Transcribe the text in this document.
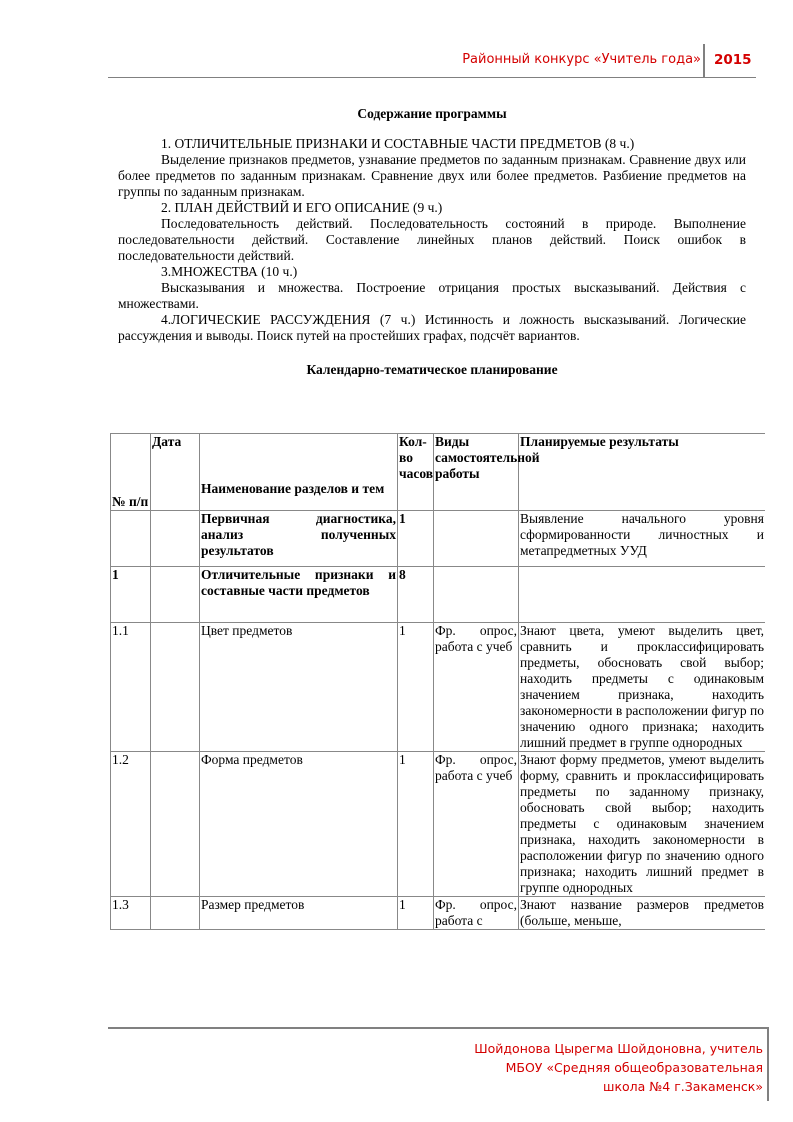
Районный конкурс «Учитель года» 2015
Содержание программы

1. ОТЛИЧИТЕЛЬНЫЕ ПРИЗНАКИ И СОСТАВНЫЕ ЧАСТИ ПРЕДМЕТОВ (8 ч.)

Выделение признаков предметов, узнавание предметов по заданным признакам. Сравнение двух или более предметов по заданным признакам. Сравнение двух или более предметов. Разбиение предметов на группы по заданным признакам.

2. ПЛАН ДЕЙСТВИЙ И ЕГО ОПИСАНИЕ (9 ч.)

Последовательность действий. Последовательность состояний в природе. Выполнение последовательности действий. Составление линейных планов действий. Поиск ошибок в последовательности действий.

3.МНОЖЕСТВА (10 ч.)

Высказывания и множества. Построение отрицания простых высказываний. Действия с множествами.

4.ЛОГИЧЕСКИЕ РАССУЖДЕНИЯ (7 ч.) Истинность и ложность высказываний. Логические рассуждения и выводы. Поиск путей на простейших графах, подсчёт вариантов.

Календарно-тематическое планирование
№ п/п	Дата	Наименование разделов и тем	Кол-во часов	Виды самостоятельной работы	Планируемые результаты
		Первичная диагностика, анализ полученных результатов	1		Выявление начального уровня сформированности личностных и метапредметных УУД
1		Отличительные признаки и составные части предметов	8		
1.1		Цвет предметов	1	Фр. опрос, работа с учеб	Знают цвета, умеют выделить цвет, сравнить и проклассифицировать предметы, обосновать свой выбор; находить предметы с одинаковым значением признака, находить закономерности в расположении фигур по значению одного признака; находить лишний предмет в группе однородных
1.2		Форма предметов	1	Фр. опрос, работа с учеб	Знают форму предметов, умеют выделить форму, сравнить и проклассифицировать предметы по заданному признаку, обосновать свой выбор; находить предметы с одинаковым значением признака, находить закономерности в расположении фигур по значению одного признака; находить лишний предмет в группе однородных
1.3		Размер предметов	1	Фр. опрос, работа с	Знают название размеров предметов (больше, меньше,
Шойдонова Цырегма Шойдоновна, учитель
МБОУ «Средняя общеобразовательная
школа №4 г.Закаменск»
